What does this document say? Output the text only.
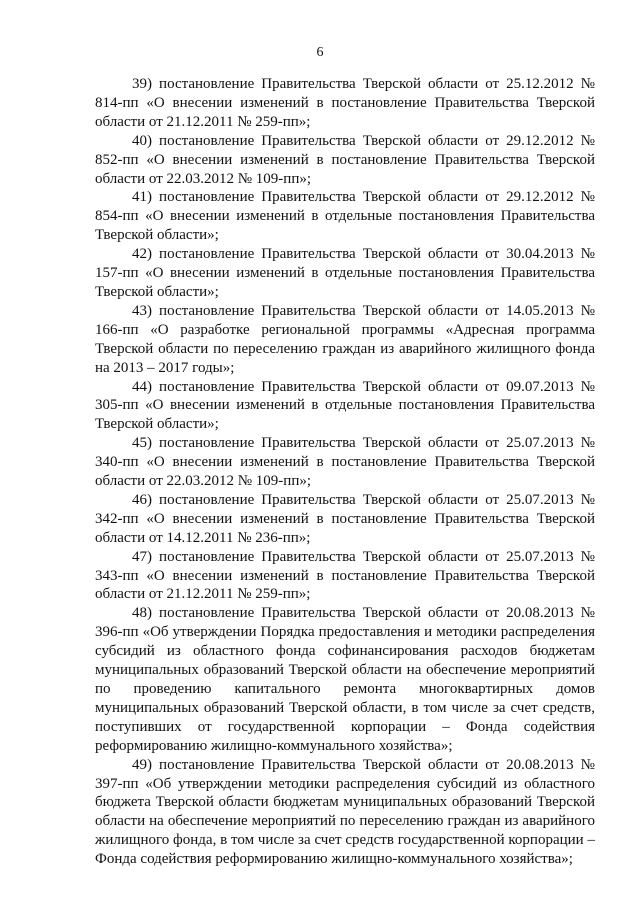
6

39) постановление Правительства Тверской области от 25.12.2012 № 814-пп «О внесении изменений в постановление Правительства Тверской области от 21.12.2011 № 259-пп»;

40) постановление Правительства Тверской области от 29.12.2012 № 852-пп «О внесении изменений в постановление Правительства Тверской области от 22.03.2012 № 109-пп»;

41) постановление Правительства Тверской области от 29.12.2012 № 854-пп «О внесении изменений в отдельные постановления Правительства Тверской области»;

42) постановление Правительства Тверской области от 30.04.2013 № 157-пп «О внесении изменений в отдельные постановления Правительства Тверской области»;

43) постановление Правительства Тверской области от 14.05.2013 № 166-пп «О разработке региональной программы «Адресная программа Тверской области по переселению граждан из аварийного жилищного фонда на 2013 – 2017 годы»;

44) постановление Правительства Тверской области от 09.07.2013 № 305-пп «О внесении изменений в отдельные постановления Правительства Тверской области»;

45) постановление Правительства Тверской области от 25.07.2013 № 340-пп «О внесении изменений в постановление Правительства Тверской области от 22.03.2012 № 109-пп»;

46) постановление Правительства Тверской области от 25.07.2013 № 342-пп «О внесении изменений в постановление Правительства Тверской области от 14.12.2011 № 236-пп»;

47) постановление Правительства Тверской области от 25.07.2013 № 343-пп «О внесении изменений в постановление Правительства Тверской области от 21.12.2011 № 259-пп»;

48) постановление Правительства Тверской области от 20.08.2013 № 396-пп «Об утверждении Порядка предоставления и методики распределения субсидий из областного фонда софинансирования расходов бюджетам муниципальных образований Тверской области на обеспечение мероприятий по проведению капитального ремонта многоквартирных домов муниципальных образований Тверской области, в том числе за счет средств, поступивших от государственной корпорации – Фонда содействия реформированию жилищно-коммунального хозяйства»;

49) постановление Правительства Тверской области от 20.08.2013 № 397-пп «Об утверждении методики распределения субсидий из областного бюджета Тверской области бюджетам муниципальных образований Тверской области на обеспечение мероприятий по переселению граждан из аварийного жилищного фонда, в том числе за счет средств государственной корпорации – Фонда содействия реформированию жилищно-коммунального хозяйства»;
